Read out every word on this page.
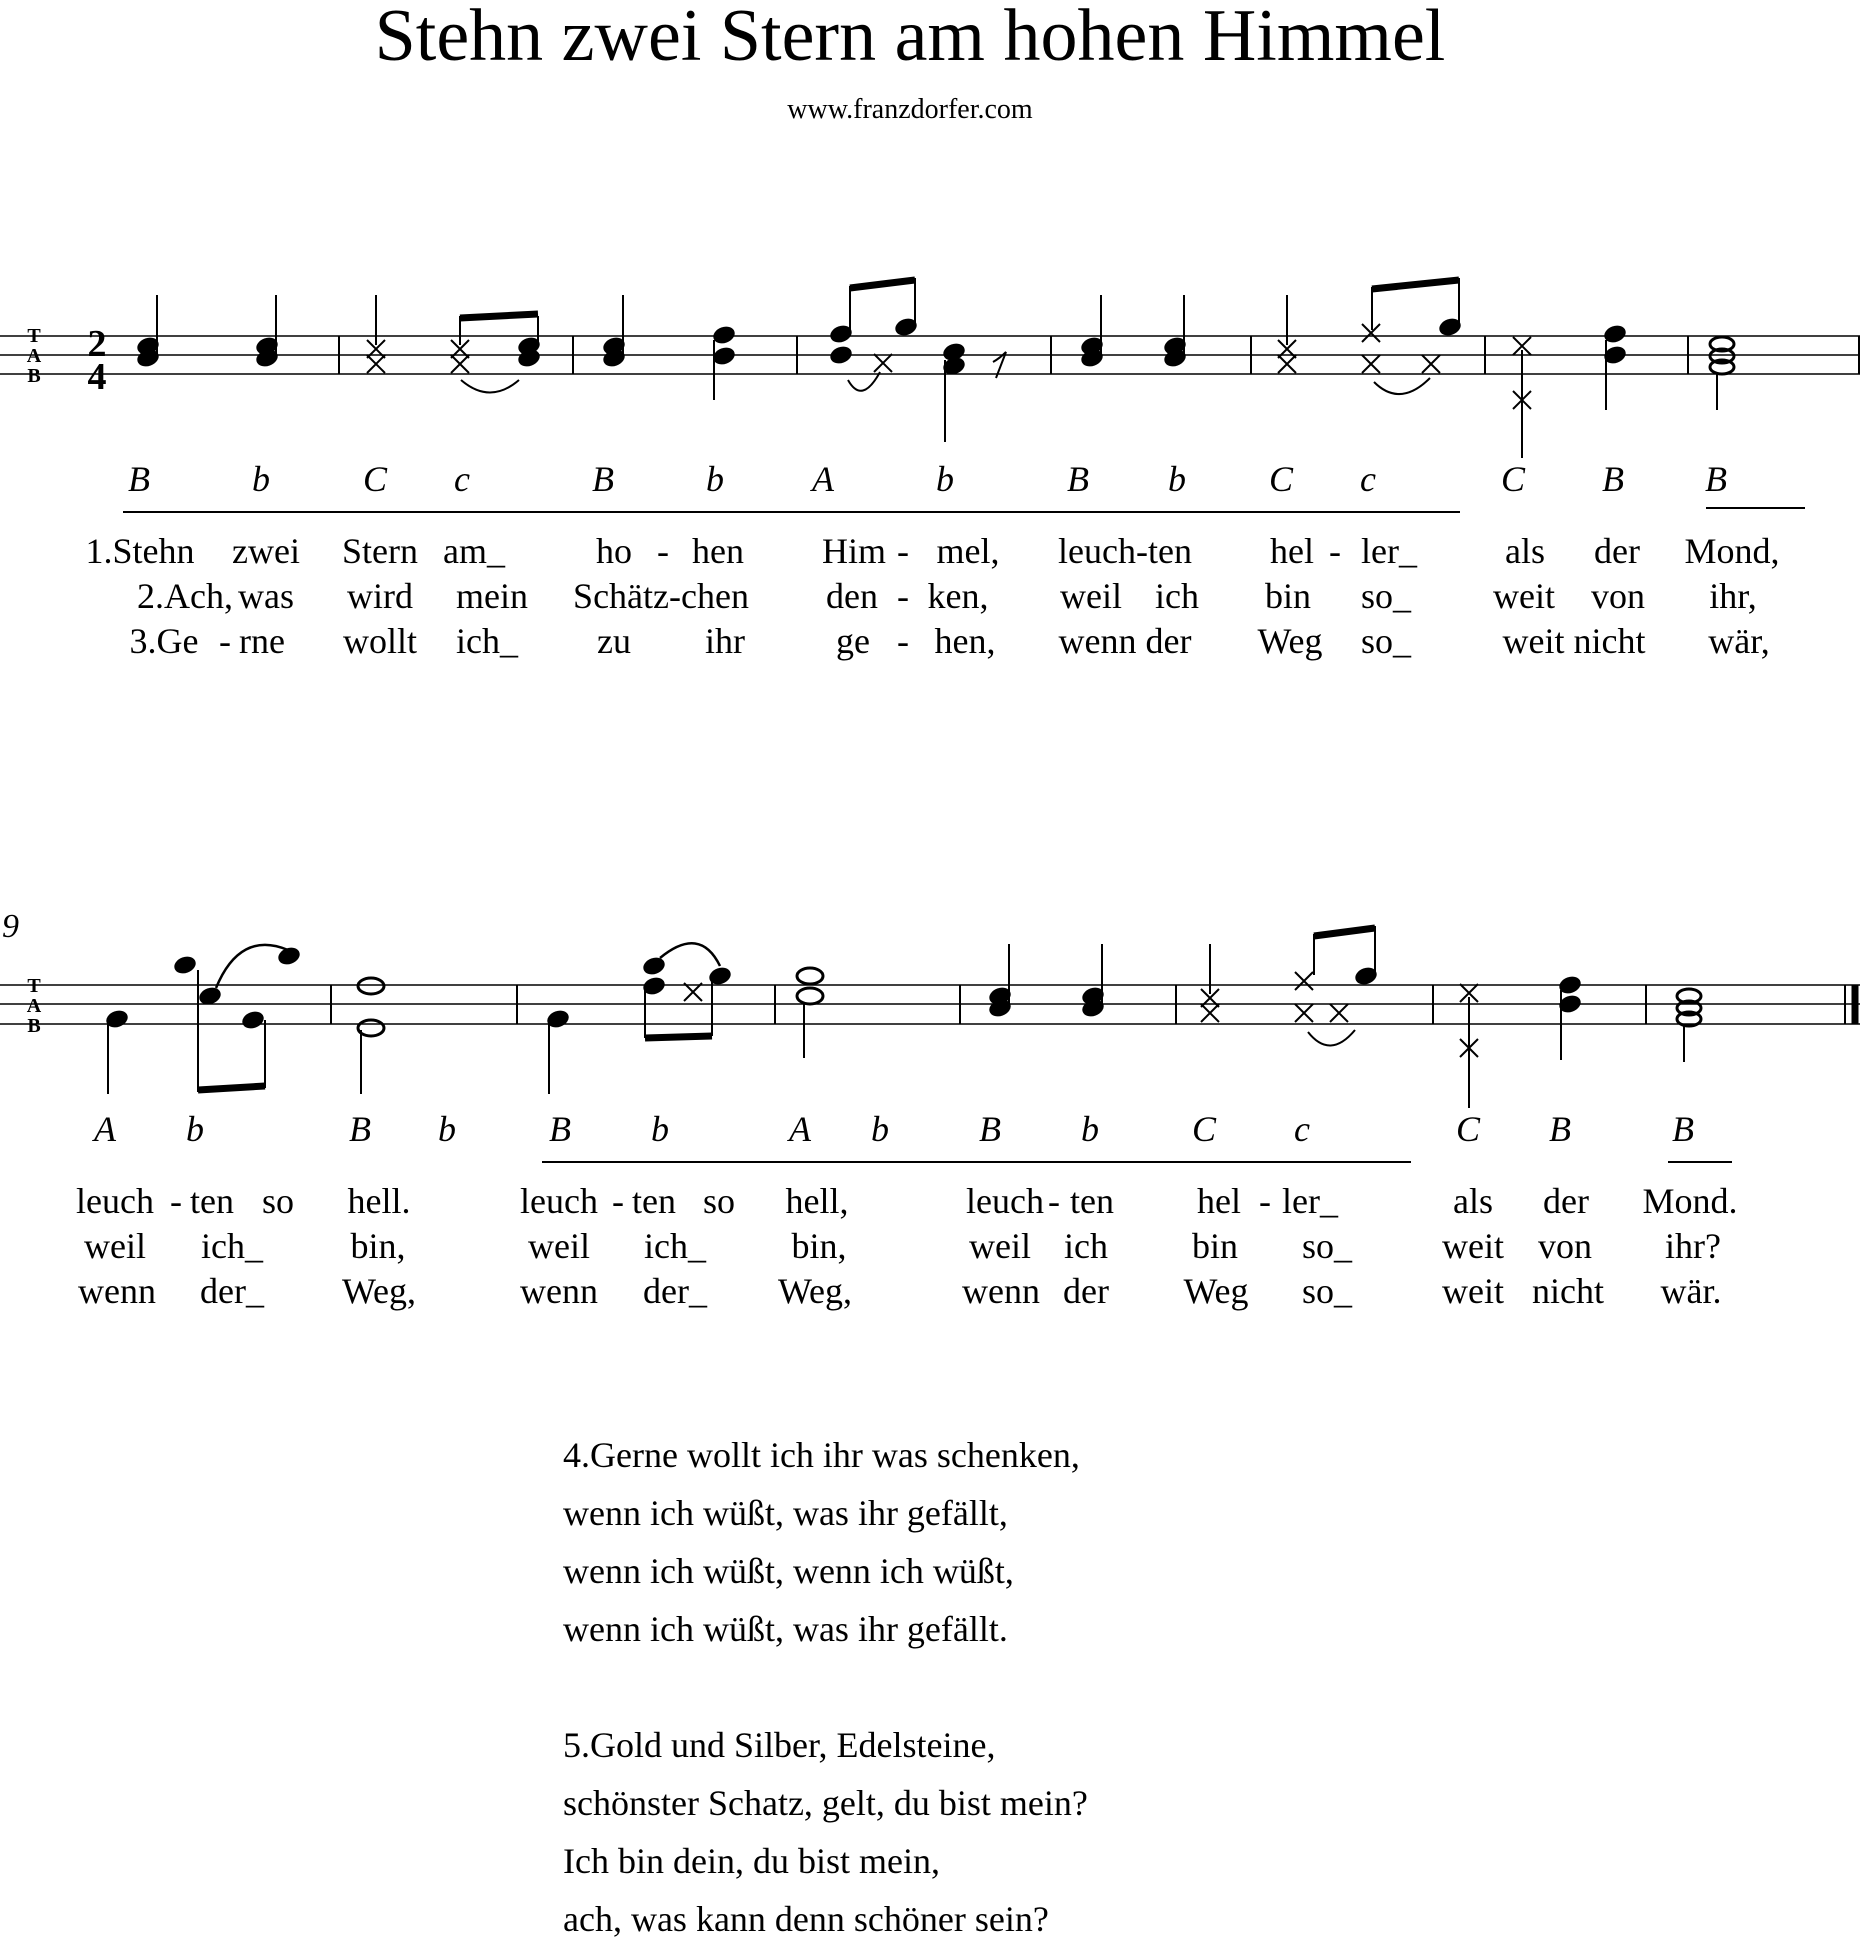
Stehn zwei Stern am hohen Himmel
www.franzdorfer.com
T
A
B
2
4
B	b	C c	B	b A	b	B b C c	C B B
1.Stehn zwei Stern am_	ho - hen Him - mel, leuch-ten hel - ler_ als der Mond,
2.Ach, was wird mein Schätz-chen den - ken, weil ich bin so_ weit von ihr,
3.Ge - rne wollt ich_ zu ihr	ge - hen, wenn der Weg so_	weit nicht wär,
9
T
A
B
A b	B b	B b	A b	B b	C c	C B	B
leuch - ten so hell.	leuch - ten so hell,	leuch - ten hel - ler_	als der Mond.
weil ich_ bin,	weil ich_ bin,	weil ich bin so_	weit von ihr?
wenn der_ Weg,	wenn der_ Weg,	wenn der Weg so_	weit nicht wär.
4.Gerne wollt ich ihr was schenken,
wenn ich wüßt, was ihr gefällt,
wenn ich wüßt, wenn ich wüßt,
wenn ich wüßt, was ihr gefällt.
5.Gold und Silber, Edelsteine,
schönster Schatz, gelt, du bist mein?
Ich bin dein, du bist mein,
ach, was kann denn schöner sein?
